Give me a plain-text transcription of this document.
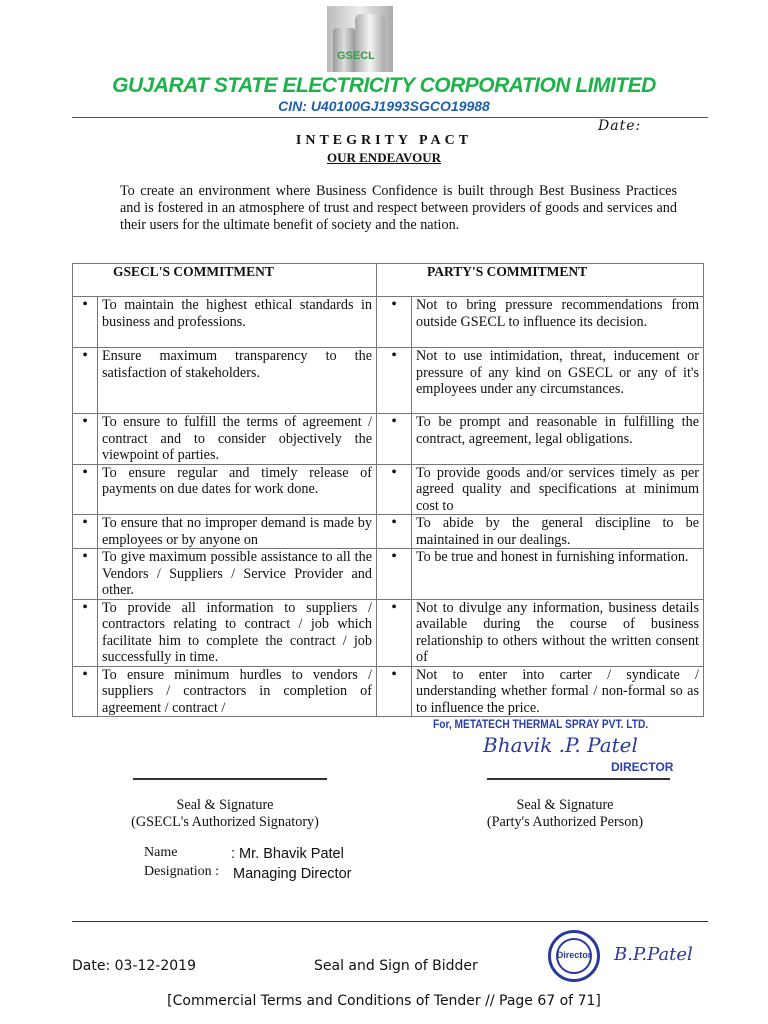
GSECL
GUJARAT STATE ELECTRICITY CORPORATION LIMITED
CIN: U40100GJ1993SGCO19988
Date:
INTEGRITY PACT
OUR ENDEAVOUR
To create an environment where Business Confidence is built through Best Business Practices and is fostered in an atmosphere of trust and respect between providers of goods and services and their users for the ultimate benefit of society and the nation.
GSECL'S COMMITMENT		PARTY'S COMMITMENT	
•	To maintain the highest ethical standards in business and professions.	•	Not to bring pressure recommendations from outside GSECL to influence its decision.

•	Ensure maximum transparency to the satisfaction of stakeholders.	•	Not to use intimidation, threat, inducement or pressure of any kind on GSECL or any of it's employees under any circumstances.

•	To ensure to fulfill the terms of agreement / contract and to consider objectively the viewpoint of parties.	•	To be prompt and reasonable in fulfilling the contract, agreement, legal obligations.

•	To ensure regular and timely release of payments on due dates for work done.	•	To provide goods and/or services timely as per agreed quality and specifications at minimum cost to

•	To ensure that no improper demand is made by employees or by anyone on	•	To abide by the general discipline to be maintained in our dealings.

•	To give maximum possible assistance to all the Vendors / Suppliers / Service Provider and other.	•	To be true and honest in furnishing information.

•	To provide all information to suppliers / contractors relating to contract / job which facilitate him to complete the contract / job successfully in time.	•	Not to divulge any information, business details available during the course of business relationship to others without the written consent of

•	To ensure minimum hurdles to vendors / suppliers / contractors in completion of agreement / contract /	•	Not to enter into carter / syndicate / understanding whether formal / non-formal so as to influence the price.
For, METATECH THERMAL SPRAY PVT. LTD.
Bhavik .P. Patel
DIRECTOR
Seal & Signature
(GSECL's Authorized Signatory)
Seal & Signature
(Party's Authorized Person)
Name	: Mr. Bhavik Patel
Designation : Managing Director
Date: 03-12-2019	Seal and Sign of Bidder
Director	B.P.Patel
[Commercial Terms and Conditions of Tender // Page 67 of 71]
